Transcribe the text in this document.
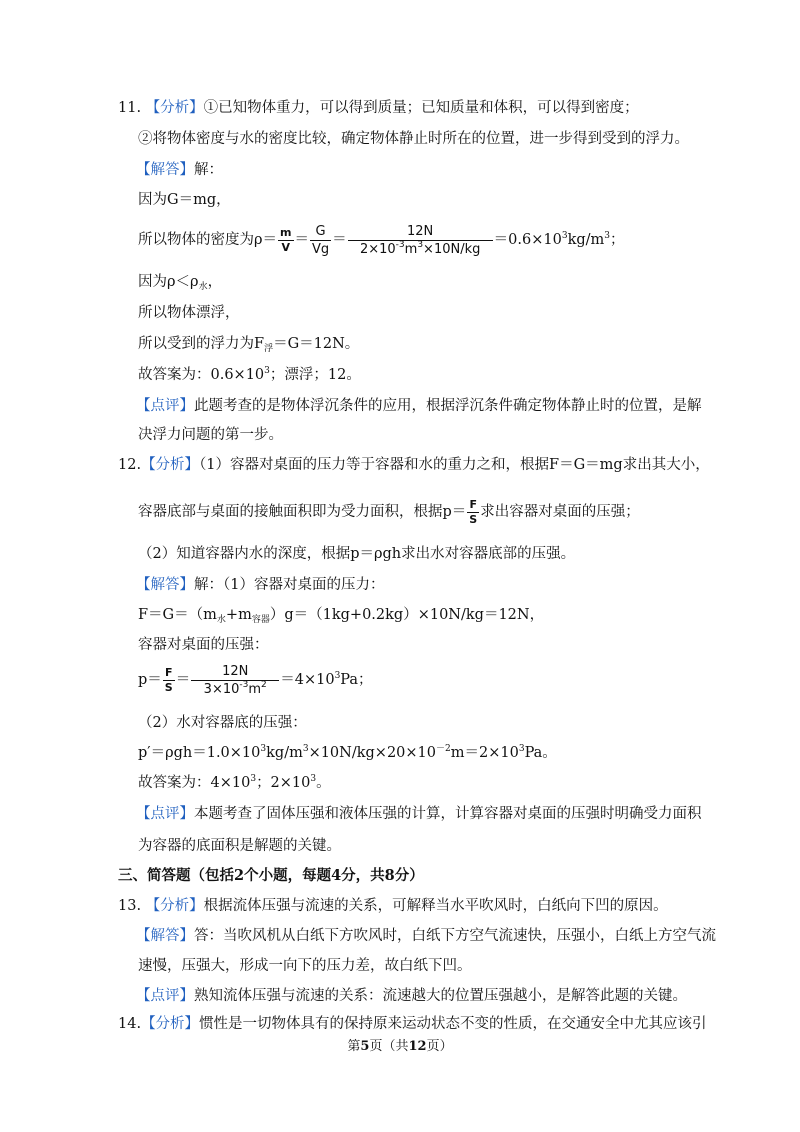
11. 【分析】①已知物体重力，可以得到质量；已知质量和体积，可以得到密度；
②将物体密度与水的密度比较，确定物体静止时所在的位置，进一步得到受到的浮力。
【解答】解：
因为G＝mg，
所以物体的密度为$\rho= \frac{m}{V} = \frac{G}{Vg} = \frac{12N}{2\times 10^{-3}m^3\times 10N/kg} =0.6\times 10^3kg/m^3$；
因为$\rho<\rho_水$，
所以物体漂浮，
所以受到的浮力为$F_浮=G=12N$。
故答案为：$0.6\times 10^3$；漂浮；12。
【点评】此题考查的是物体浮沉条件的应用，根据浮沉条件确定物体静止时的位置，是解
决浮力问题的第一步。
12.【分析】（1）容器对桌面的压力等于容器和水的重力之和，根据F＝G＝mg求出其大小，
容器底部与桌面的接触面积即为受力面积，根据$p= \frac{F}{S}$ 求出容器对桌面的压强；
（2）知道容器内水的深度，根据p＝ρgh求出水对容器底部的压强。
【解答】解：（1）容器对桌面的压力：
$F=G=(m_水+m_{容器})g=(1kg+0.2kg)\times 10N/kg=12N$，
容器对桌面的压强：
$p= \frac{F}{S} = \frac{12N}{3\times 10^{-3}m^2} =4\times 10^3Pa$；
（2）水对容器底的压强：
$p'=\rho gh=1.0\times 10^3kg/m^3\times 10N/kg\times 20\times 10^{-2}m=2\times 10^3Pa$。
故答案为：$4\times 10^3$；$2\times 10^3$。
【点评】本题考查了固体压强和液体压强的计算，计算容器对桌面的压强时明确受力面积
为容器的底面积是解题的关键。
三、简答题（包括2个小题，每题4分，共8分）
13. 【分析】根据流体压强与流速的关系，可解释当水平吹风时，白纸向下凹的原因。
【解答】答：当吹风机从白纸下方吹风时，白纸下方空气流速快，压强小，白纸上方空气流
速慢，压强大，形成一向下的压力差，故白纸下凹。
【点评】熟知流体压强与流速的关系：流速越大的位置压强越小，是解答此题的关键。
14.【分析】惯性是一切物体具有的保持原来运动状态不变的性质，在交通安全中尤其应该引
第5页（共12页）
